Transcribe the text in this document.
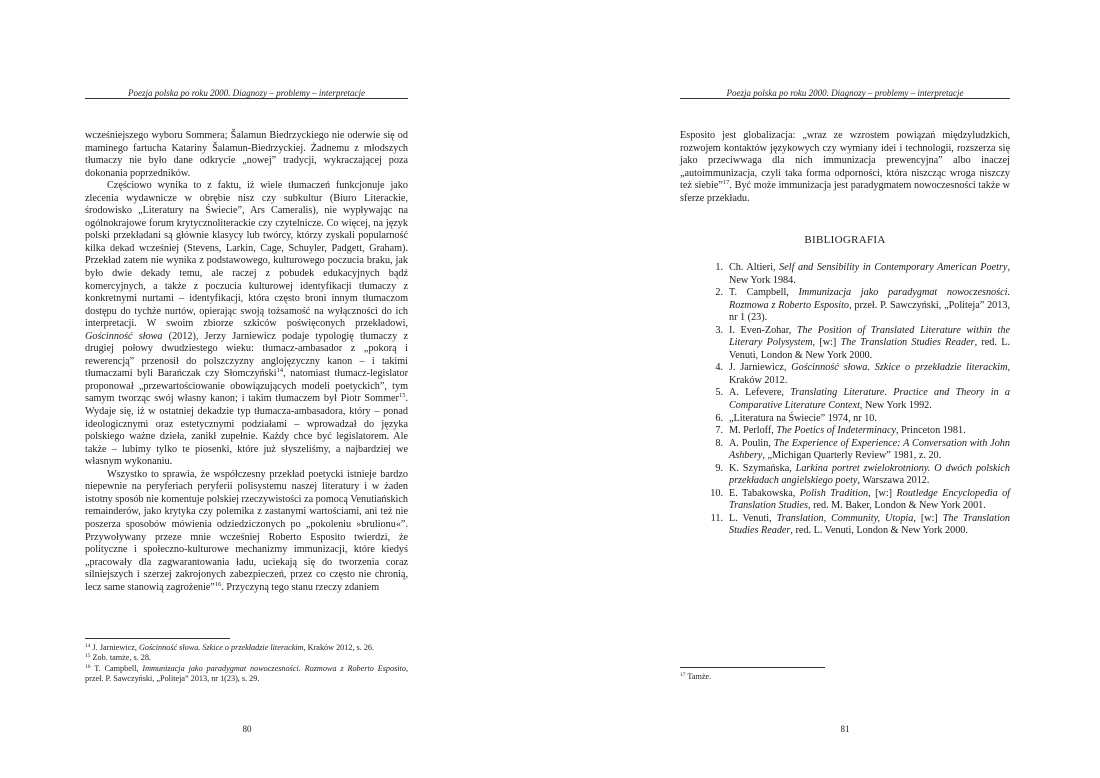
Poezja polska po roku 2000. Diagnozy – problemy – interpretacje

wcześniejszego wyboru Sommera; Šalamun Biedrzyckiego nie oderwie się od maminego fartucha Katariny Šalamun-Biedrzyckiej. Żadnemu z młodszych tłumaczy nie było dane odkrycie „nowej” tradycji, wykraczającej poza dokonania poprzedników.

Częściowo wynika to z faktu, iż wiele tłumaczeń funkcjonuje jako zlecenia wydawnicze w obrębie nisz czy subkultur (Biuro Literackie, środowisko „Literatury na Świecie”, Ars Cameralis), nie wypływając na ogólnokrajowe forum krytycznoliterackie czy czytelnicze. Co więcej, na język polski przekładani są głównie klasycy lub twórcy, którzy zyskali popularność kilka dekad wcześniej (Stevens, Larkin, Cage, Schuyler, Padgett, Graham). Przekład zatem nie wynika z podstawowego, kulturowego poczucia braku, jak było dwie dekady temu, ale raczej z pobudek edukacyjnych bądź komercyjnych, a także z poczucia kulturowej identyfikacji tłumaczy z konkretnymi nurtami – identyfikacji, która często broni innym tłumaczom dostępu do tychże nurtów, opierając swoją tożsamość na wyłączności do ich interpretacji. W swoim zbiorze szkiców poświęconych przekładowi, Gościnność słowa (2012), Jerzy Jarniewicz podaje typologię tłumaczy z drugiej połowy dwudziestego wieku: tłumacz-ambasador z „pokorą i rewerencją” przenosił do polszczyzny anglojęzyczny kanon – i takimi tłumaczami byli Barańczak czy Słomczyński$^{14}$, natomiast tłumacz-legislator proponował „przewartościowanie obowiązujących modeli poetyckich”, tym samym tworząc swój własny kanon; i takim tłumaczem był Piotr Sommer$^{15}$. Wydaje się, iż w ostatniej dekadzie typ tłumacza-ambasadora, który – ponad ideologicznymi oraz estetycznymi podziałami – wprowadzał do języka polskiego ważne dzieła, zanikł zupełnie. Każdy chce być legislatorem. Ale także – lubimy tylko te piosenki, które już słyszeliśmy, a najbardziej we własnym wykonaniu.

Wszystko to sprawia, że współczesny przekład poetycki istnieje bardzo niepewnie na peryferiach peryferii polisystemu naszej literatury i w żaden istotny sposób nie komentuje polskiej rzeczywistości za pomocą Venutiańskich remainderów, jako krytyka czy polemika z zastanymi wartościami, ani też nie poszerza sposobów mówienia odziedziczonych po „pokoleniu »brulionu«”. Przywoływany przeze mnie wcześniej Roberto Esposito twierdzi, że polityczne i społeczno-kulturowe mechanizmy immunizacji, które kiedyś „pracowały dla zagwarantowania ładu, uciekają się do tworzenia coraz silniejszych i szerzej zakrojonych zabezpieczeń, przez co często nie chronią, lecz same stanowią zagrożenie”$^{16}$. Przyczyną tego stanu rzeczy zdaniem

$^{14}$ J. Jarniewicz, Gościnność słowa. Szkice o przekładzie literackim, Kraków 2012, s. 26.

$^{15}$ Zob. tamże, s. 28.

$^{16}$ T. Campbell, Immunizacja jako paradygmat nowoczesności. Rozmowa z Roberto Esposito, przeł. P. Sawczyński, „Politeja” 2013, nr 1(23), s. 29.

80
Poezja polska po roku 2000. Diagnozy – problemy – interpretacje

Esposito jest globalizacja: „wraz ze wzrostem powiązań międzyludzkich, rozwojem kontaktów językowych czy wymiany idei i technologii, rozszerza się jako przeciwwaga dla nich immunizacja prewencyjna” albo inaczej „autoimmunizacja, czyli taka forma odporności, która niszcząc wroga niszczy też siebie”$^{17}$. Być może immunizacja jest paradygmatem nowoczesności także w sferze przekładu.

BIBLIOGRAFIA
1. Ch. Altieri, Self and Sensibility in Contemporary American Poetry, New York 1984.
2. T. Campbell, Immunizacja jako paradygmat nowoczesności. Rozmowa z Roberto Esposito, przeł. P. Sawczyński, „Politeja” 2013, nr 1 (23).
3. I. Even-Zohar, The Position of Translated Literature within the Literary Polysystem, [w:] The Translation Studies Reader, red. L. Venuti, London & New York 2000.
4. J. Jarniewicz, Gościnność słowa. Szkice o przekładzie literackim, Kraków 2012.
5. A. Lefevere, Translating Literature. Practice and Theory in a Comparative Literature Context, New York 1992.
6. „Literatura na Świecie” 1974, nr 10.
7. M. Perloff, The Poetics of Indeterminacy, Princeton 1981.
8. A. Poulin, The Experience of Experience: A Conversation with John Ashbery, „Michigan Quarterly Review” 1981, z. 20.
9. K. Szymańska, Larkina portret zwielokrotniony. O dwóch polskich przekładach angielskiego poety, Warszawa 2012.
10. E. Tabakowska, Polish Tradition, [w:] Routledge Encyclopedia of Translation Studies, red. M. Baker, London & New York 2001.
11. L. Venuti, Translation, Community, Utopia, [w:] The Translation Studies Reader, red. L. Venuti, London & New York 2000.

$^{17}$ Tamże.

81
